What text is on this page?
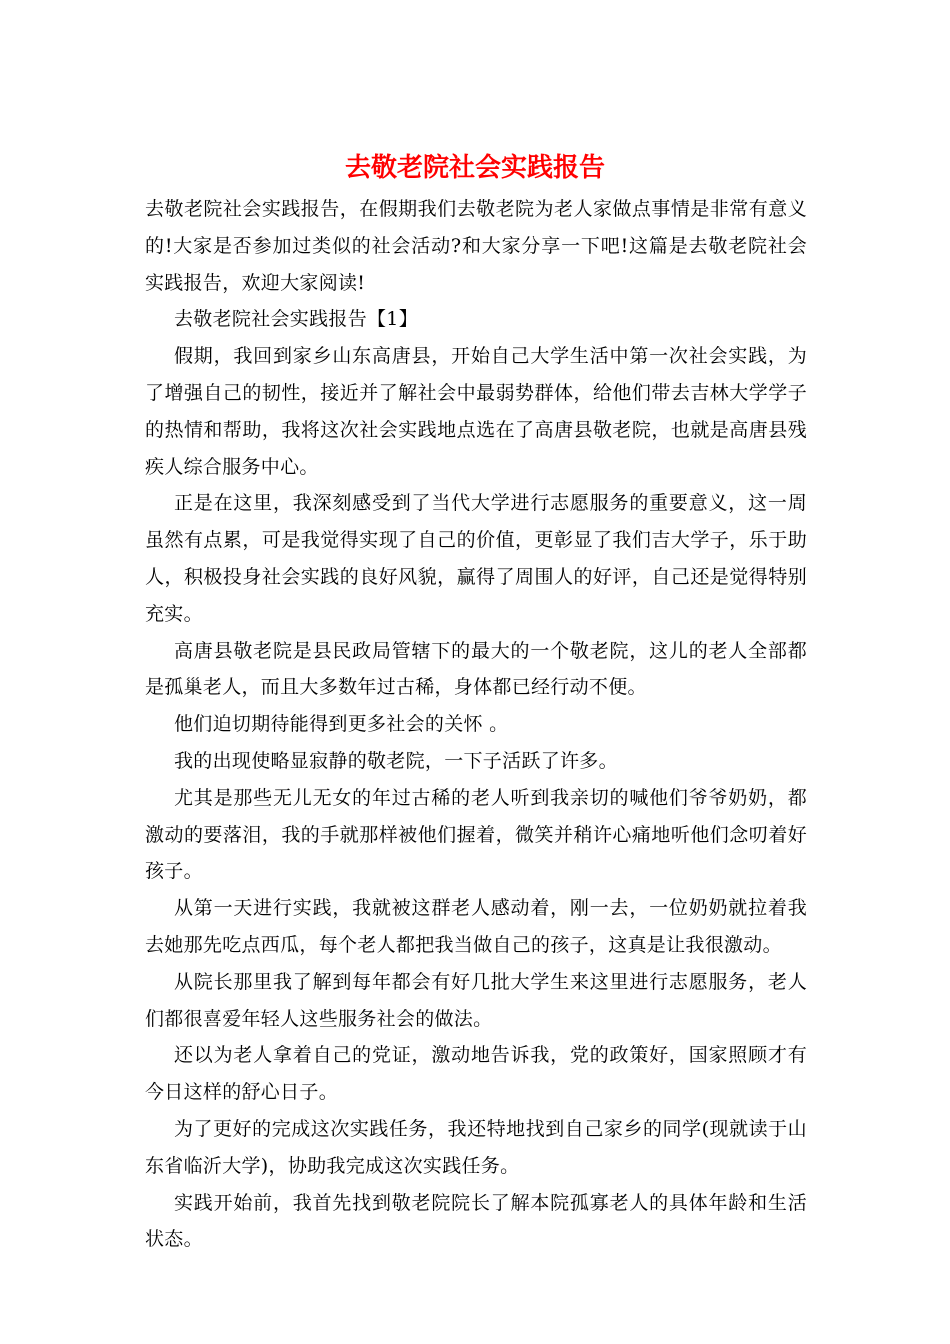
去敬老院社会实践报告

去敬老院社会实践报告，在假期我们去敬老院为老人家做点事情是非常有意义的!大家是否参加过类似的社会活动?和大家分享一下吧!这篇是去敬老院社会实践报告，欢迎大家阅读!

去敬老院社会实践报告【1】

假期，我回到家乡山东高唐县，开始自己大学生活中第一次社会实践，为了增强自己的韧性，接近并了解社会中最弱势群体，给他们带去吉林大学学子的热情和帮助，我将这次社会实践地点选在了高唐县敬老院，也就是高唐县残疾人综合服务中心。

正是在这里，我深刻感受到了当代大学进行志愿服务的重要意义，这一周虽然有点累，可是我觉得实现了自己的价值，更彰显了我们吉大学子，乐于助人，积极投身社会实践的良好风貌，赢得了周围人的好评，自己还是觉得特别充实。

高唐县敬老院是县民政局管辖下的最大的一个敬老院，这儿的老人全部都是孤巢老人，而且大多数年过古稀，身体都已经行动不便。

他们迫切期待能得到更多社会的关怀 。

我的出现使略显寂静的敬老院，一下子活跃了许多。

尤其是那些无儿无女的年过古稀的老人听到我亲切的喊他们爷爷奶奶，都激动的要落泪，我的手就那样被他们握着，微笑并稍许心痛地听他们念叨着好孩子。

从第一天进行实践，我就被这群老人感动着，刚一去，一位奶奶就拉着我去她那先吃点西瓜，每个老人都把我当做自己的孩子，这真是让我很激动。

从院长那里我了解到每年都会有好几批大学生来这里进行志愿服务，老人们都很喜爱年轻人这些服务社会的做法。

还以为老人拿着自己的党证，激动地告诉我，党的政策好，国家照顾才有今日这样的舒心日子。

为了更好的完成这次实践任务，我还特地找到自己家乡的同学(现就读于山东省临沂大学)，协助我完成这次实践任务。

实践开始前，我首先找到敬老院院长了解本院孤寡老人的具体年龄和生活状态。
